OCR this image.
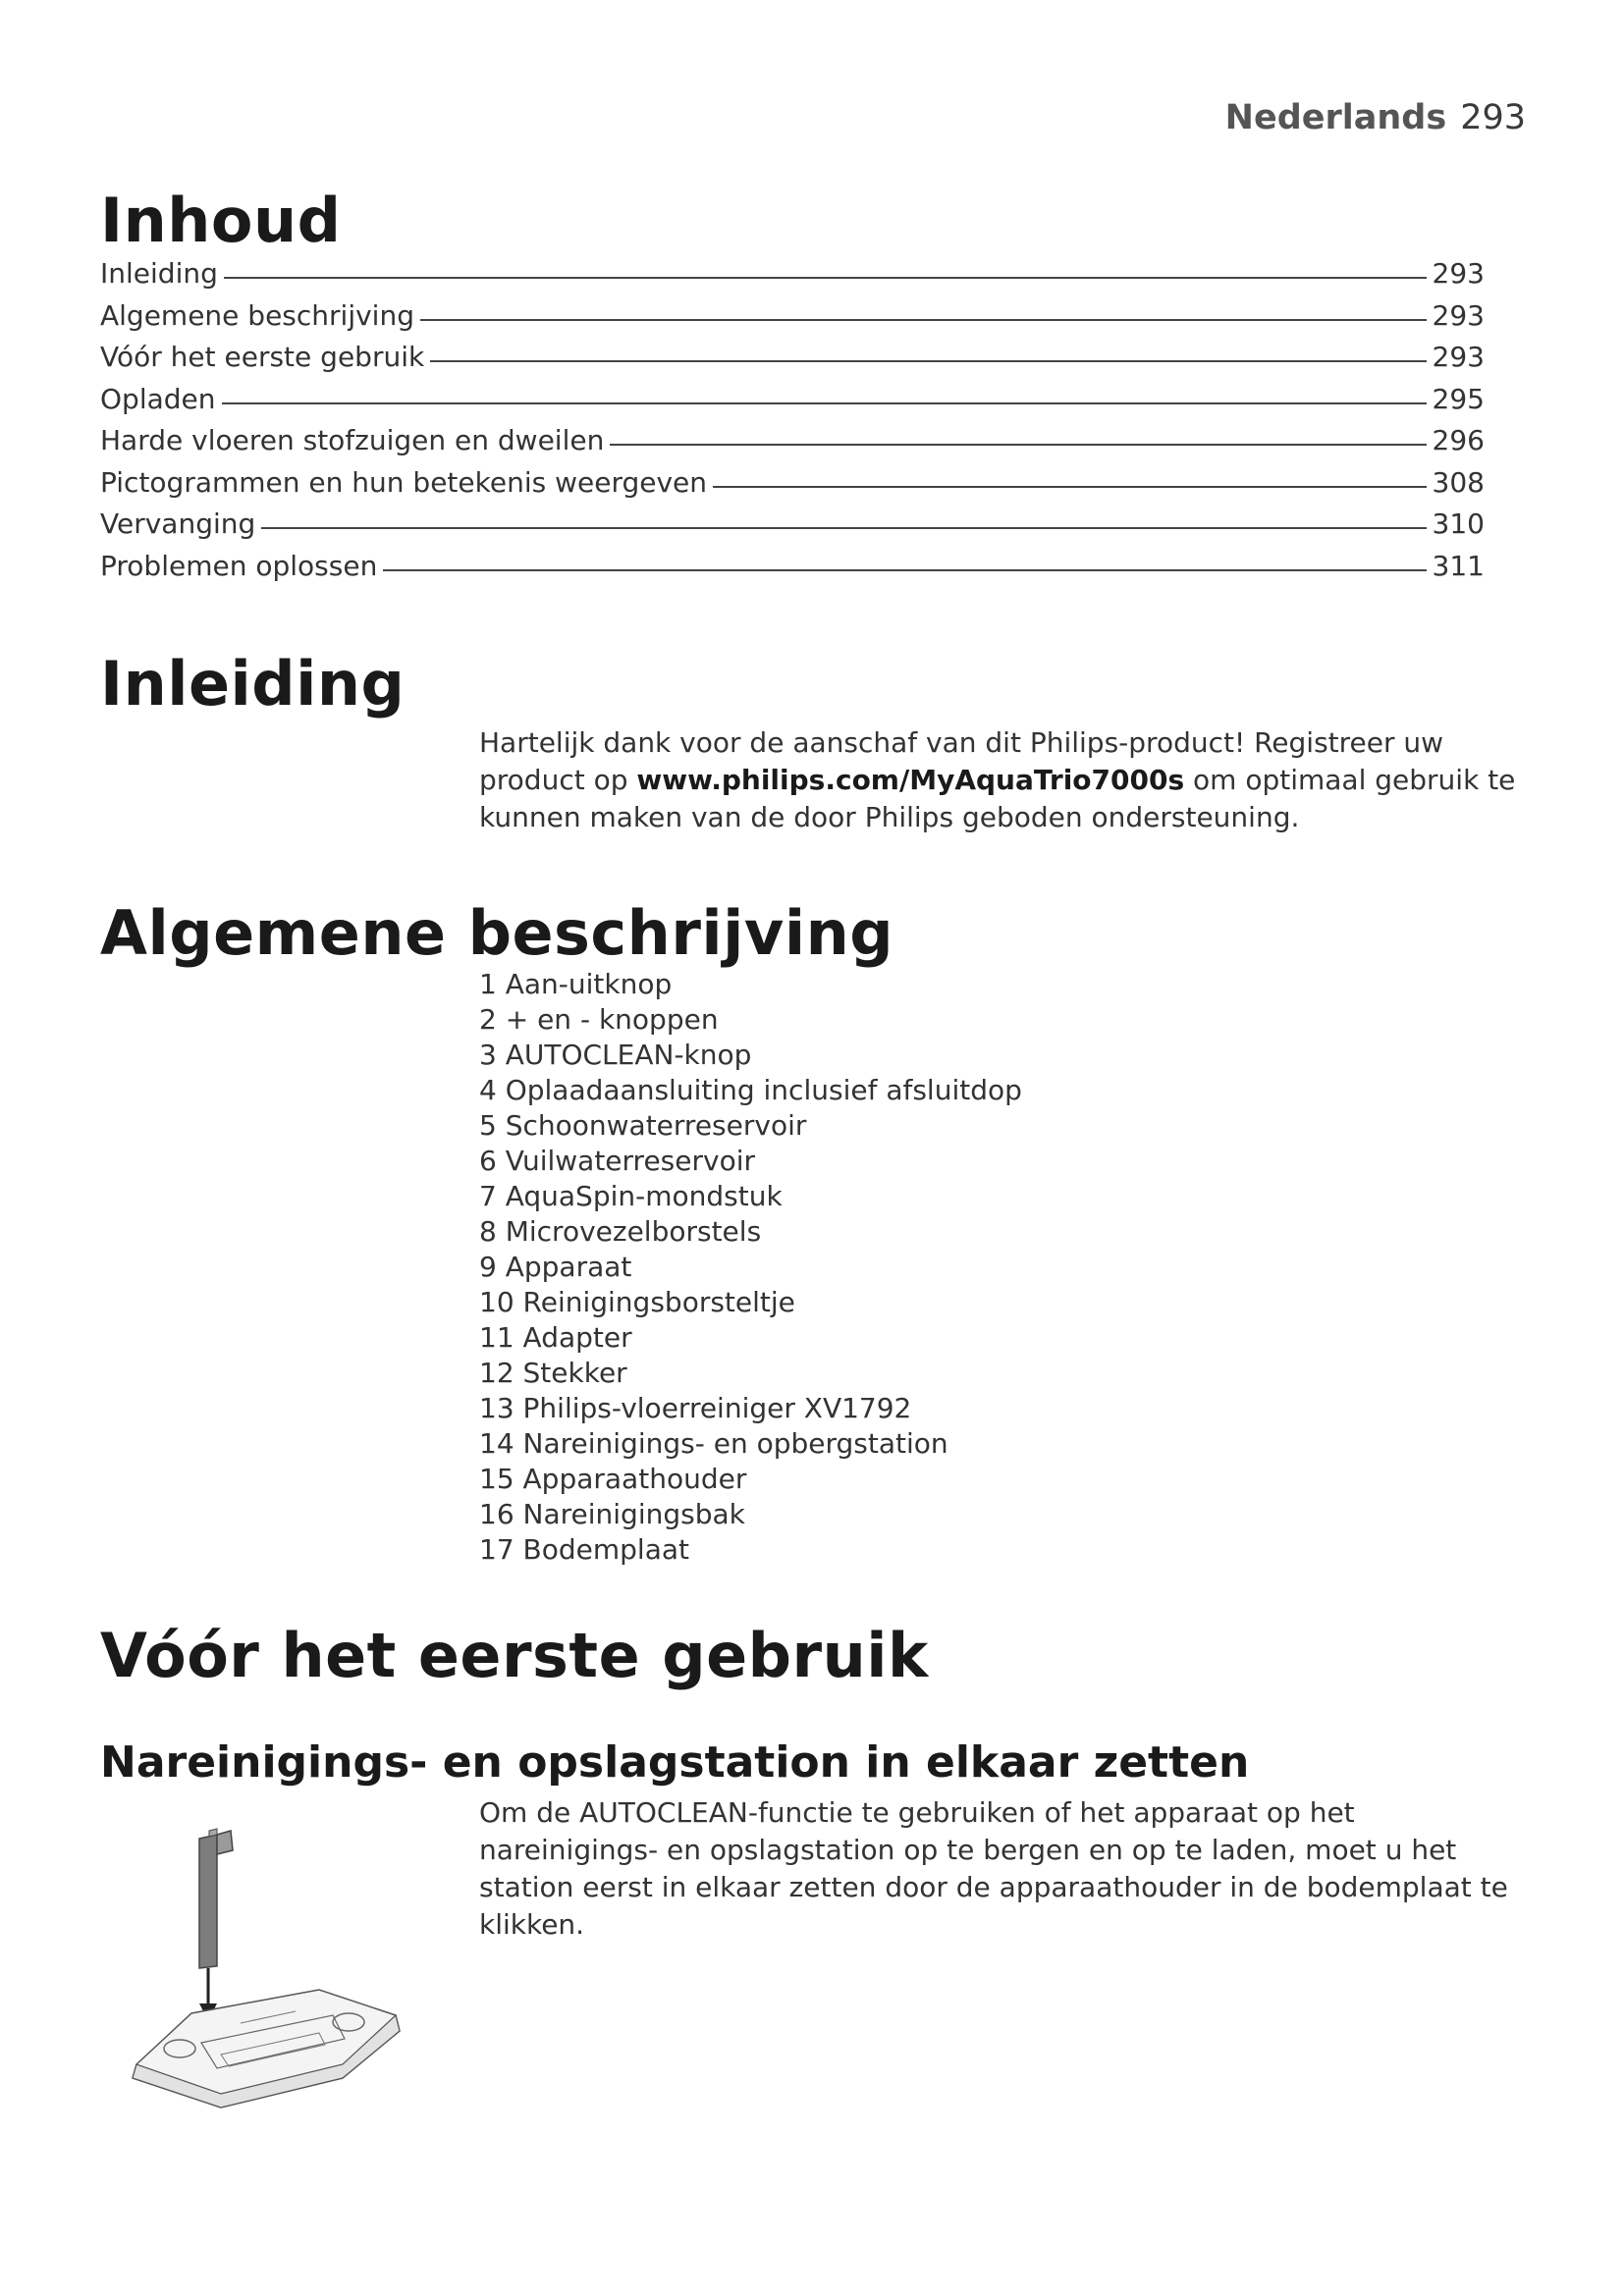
Nederlands 293
Inhoud
Inleiding	293
Algemene beschrijving	293
Vóór het eerste gebruik	293
Opladen	295
Harde vloeren stofzuigen en dweilen	296
Pictogrammen en hun betekenis weergeven	308
Vervanging	310
Problemen oplossen	311
Inleiding

Hartelijk dank voor de aanschaf van dit Philips-product! Registreer uw product op www.philips.com/MyAquaTrio7000s om optimaal gebruik te kunnen maken van de door Philips geboden ondersteuning.

Algemene beschrijving
1 Aan-uitknop
2 + en - knoppen
3 AUTOCLEAN-knop
4 Oplaadaansluiting inclusief afsluitdop
5 Schoonwaterreservoir
6 Vuilwaterreservoir
7 AquaSpin-mondstuk
8 Microvezelborstels
9 Apparaat
10 Reinigingsborsteltje
11 Adapter
12 Stekker
13 Philips-vloerreiniger XV1792
14 Nareinigings- en opbergstation
15 Apparaathouder
16 Nareinigingsbak
17 Bodemplaat
Vóór het eerste gebruik
Nareinigings- en opslagstation in elkaar zetten

Om de AUTOCLEAN-functie te gebruiken of het apparaat op het nareinigings- en opslagstation op te bergen en op te laden, moet u het station eerst in elkaar zetten door de apparaathouder in de bodemplaat te klikken.
